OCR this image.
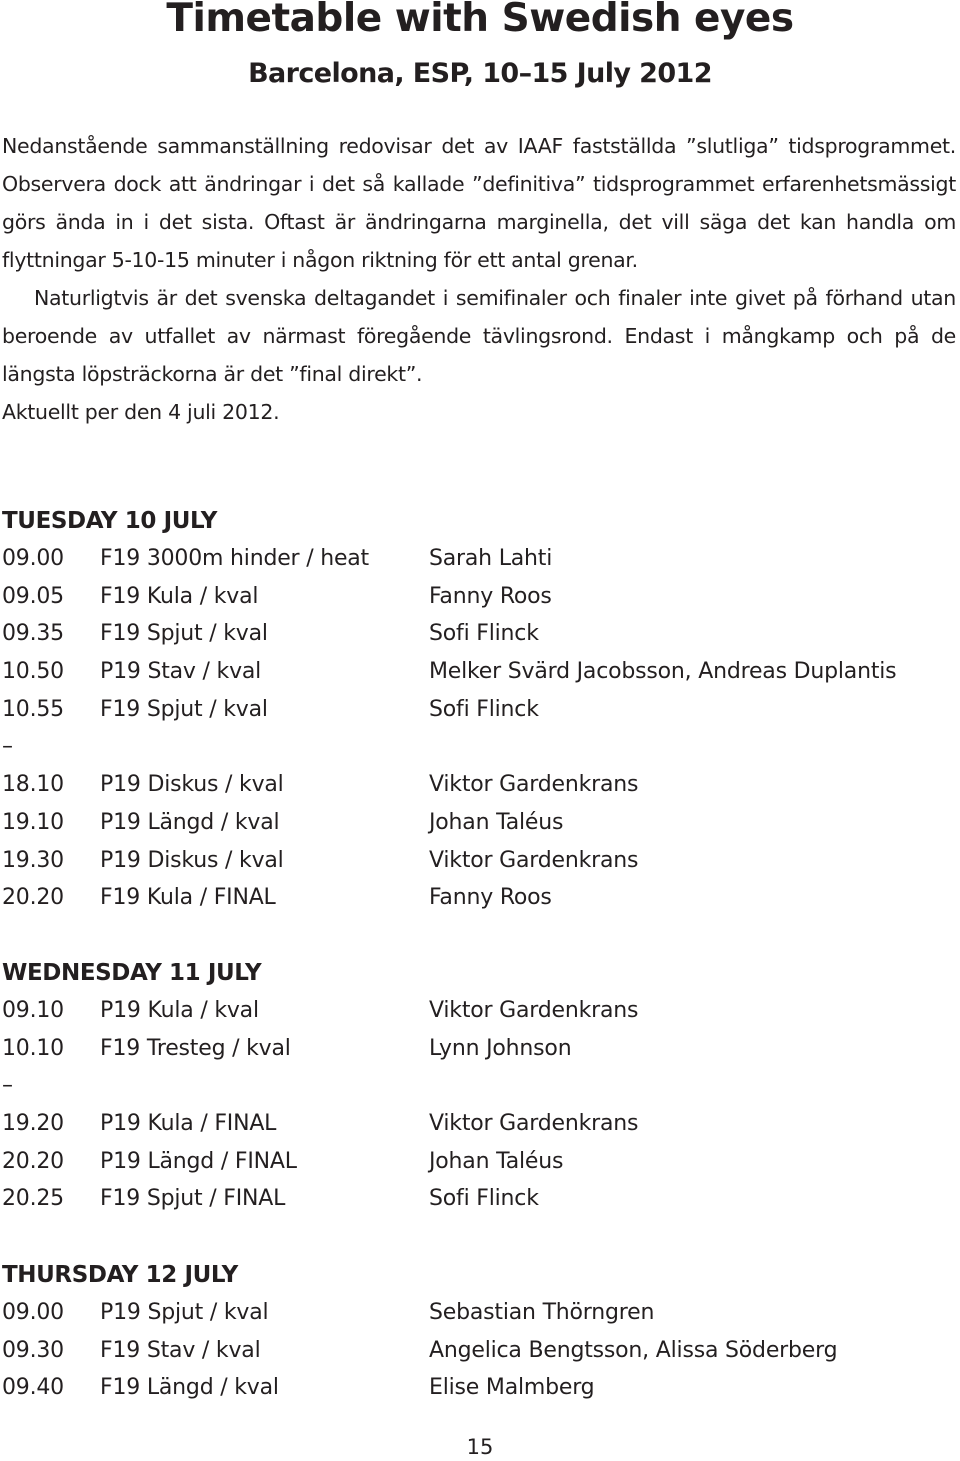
Timetable with Swedish eyes
Barcelona, ESP, 10–15 July 2012

Nedanstående sammanställning redovisar det av IAAF fastställda ”slutliga” tidsprogrammet. Observera dock att ändringar i det så kallade ”definitiva” tidsprogrammet erfarenhetsmässigt görs ända in i det sista. Oftast är ändringarna marginella, det vill säga det kan handla om flyttningar 5-10-15 minuter i någon riktning för ett antal grenar.

Naturligtvis är det svenska deltagandet i semifinaler och finaler inte givet på förhand utan beroende av utfallet av närmast föregående tävlingsrond. Endast i mångkamp och på de längsta löpsträckorna är det ”final direkt”.

Aktuellt per den 4 juli 2012.

TUESDAY 10 JULY
09.00 F19 3000m hinder / heat	Sarah Lahti
09.05 F19 Kula / kval	Fanny Roos
09.35 F19 Spjut / kval	Sofi Flinck
10.50 P19 Stav / kval	Melker Svärd Jacobsson, Andreas Duplantis
10.55 F19 Spjut / kval	Sofi Flinck
–
18.10 P19 Diskus / kval	Viktor Gardenkrans
19.10 P19 Längd / kval	Johan Taléus
19.30 P19 Diskus / kval	Viktor Gardenkrans
20.20 F19 Kula / FINAL	Fanny Roos
WEDNESDAY 11 JULY
09.10 P19 Kula / kval	Viktor Gardenkrans
10.10 F19 Tresteg / kval	Lynn Johnson
–
19.20 P19 Kula / FINAL	Viktor Gardenkrans
20.20 P19 Längd / FINAL	Johan Taléus
20.25 F19 Spjut / FINAL	Sofi Flinck
THURSDAY 12 JULY
09.00 P19 Spjut / kval	Sebastian Thörngren
09.30 F19 Stav / kval	Angelica Bengtsson, Alissa Söderberg
09.40 F19 Längd / kval	Elise Malmberg
15
